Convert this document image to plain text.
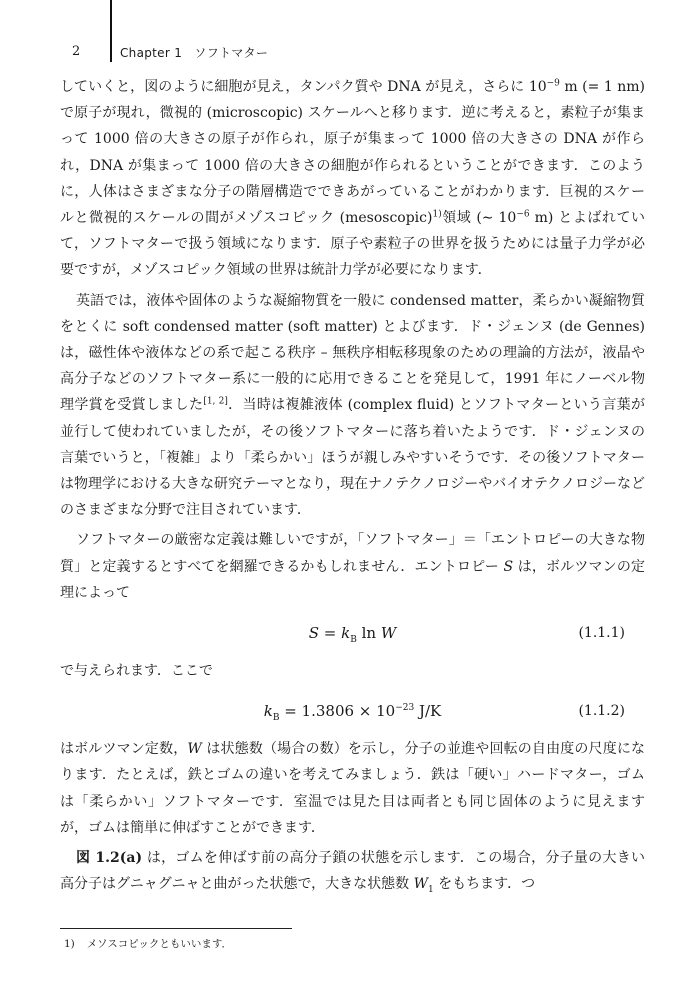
2	Chapter 1　ソフトマター

していくと，図のように細胞が見え，タンパク質や DNA が見え，さらに $10^{-9}$ m (= 1 nm) で原子が現れ，微視的 (microscopic) スケールへと移ります．逆に考えると，素粒子が集まって 1000 倍の大きさの原子が作られ，原子が集まって 1000 倍の大きさの DNA が作られ，DNA が集まって 1000 倍の大きさの細胞が作られるということができます．このように，人体はさまざまな分子の階層構造でできあがっていることがわかります．巨視的スケールと微視的スケールの間がメゾスコピック (mesoscopic)$^{1)}$領域 (∼ $10^{-6}$ m) とよばれていて，ソフトマターで扱う領域になります．原子や素粒子の世界を扱うためには量子力学が必要ですが，メゾスコピック領域の世界は統計力学が必要になります．

英語では，液体や固体のような凝縮物質を一般に condensed matter，柔らかい凝縮物質をとくに soft condensed matter (soft matter) とよびます．ド・ジェンヌ (de Gennes) は，磁性体や液体などの系で起こる秩序 – 無秩序相転移現象のための理論的方法が，液晶や高分子などのソフトマター系に一般的に応用できることを発見して，1991 年にノーベル物理学賞を受賞しました[1, 2]．当時は複雑液体 (complex fluid) とソフトマターという言葉が並行して使われていましたが，その後ソフトマターに落ち着いたようです．ド・ジェンヌの言葉でいうと，「複雑」より「柔らかい」ほうが親しみやすいそうです．その後ソフトマターは物理学における大きな研究テーマとなり，現在ナノテクノロジーやバイオテクノロジーなどのさまざまな分野で注目されています．

ソフトマターの厳密な定義は難しいですが，「ソフトマター」＝「エントロピーの大きな物質」と定義するとすべてを網羅できるかもしれません．エントロピー S は，ボルツマンの定理によって

$S = k_B$ ln W	(1.1.1)

で与えられます．ここで

$k_B = 1.3806 \times 10^{-23}$ J/K	(1.1.2)

はボルツマン定数，W は状態数（場合の数）を示し，分子の並進や回転の自由度の尺度になります．たとえば，鉄とゴムの違いを考えてみましょう．鉄は「硬い」ハードマター，ゴムは「柔らかい」ソフトマターです．室温では見た目は両者とも同じ固体のように見えますが，ゴムは簡単に伸ばすことができます．

図 1.2(a) は，ゴムを伸ばす前の高分子鎖の状態を示します．この場合，分子量の大きい高分子はグニャグニャと曲がった状態で，大きな状態数 $W_1$ をもちます．つ

1) メソスコピックともいいます．
